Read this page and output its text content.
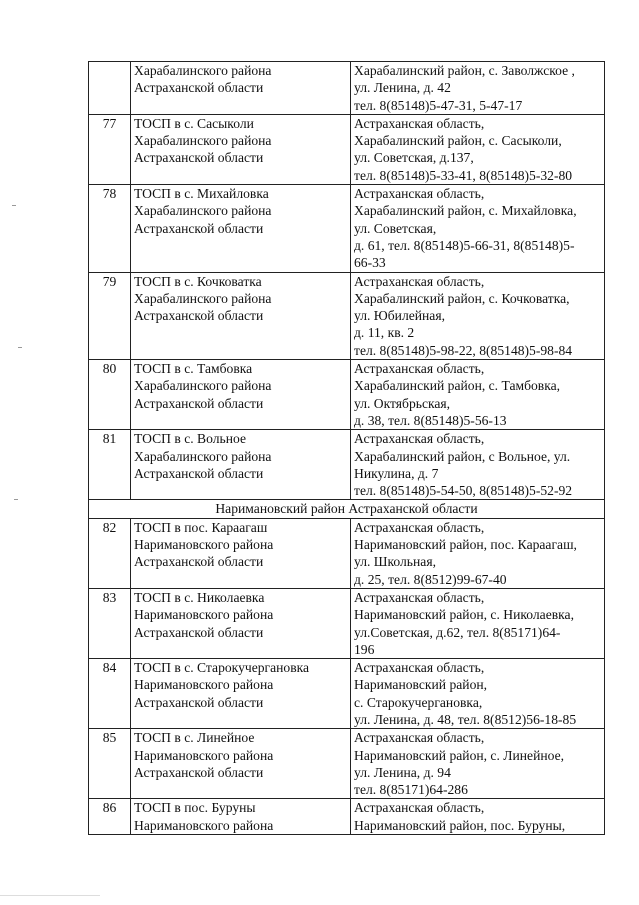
	Харабалинского района
Астраханской области	Харабалинский район, с. Заволжское ,
ул. Ленина, д. 42
тел. 8(85148)5-47-31, 5-47-17

77	ТОСП в с. Сасыколи
Харабалинского района
Астраханской области	Астраханская область,
Харабалинский район, с. Сасыколи,
ул. Советская, д.137,
тел. 8(85148)5-33-41, 8(85148)5-32-80

78	ТОСП в с. Михайловка
Харабалинского района
Астраханской области	Астраханская область,
Харабалинский район, с. Михайловка,
ул. Советская,
д. 61, тел. 8(85148)5-66-31, 8(85148)5-
66-33

79	ТОСП в с. Кочковатка
Харабалинского района
Астраханской области	Астраханская область,
Харабалинский район, с. Кочковатка,
ул. Юбилейная,
д. 11, кв. 2
тел. 8(85148)5-98-22, 8(85148)5-98-84

80	ТОСП в с. Тамбовка
Харабалинского района
Астраханской области	Астраханская область,
Харабалинский район, с. Тамбовка,
ул. Октябрьская,
д. 38, тел. 8(85148)5-56-13

81	ТОСП в с. Вольное
Харабалинского района
Астраханской области	Астраханская область,
Харабалинский район, с Вольное, ул.
Никулина, д. 7
тел. 8(85148)5-54-50, 8(85148)5-52-92

Наримановский район Астраханской области		
82	ТОСП в пос. Караагаш
Наримановского района
Астраханской области	Астраханская область,
Наримановский район, пос. Караагаш,
ул. Школьная,
д. 25, тел. 8(8512)99-67-40

83	ТОСП в с. Николаевка
Наримановского района
Астраханской области	Астраханская область,
Наримановский район, с. Николаевка,
ул.Советская, д.62, тел. 8(85171)64-
196

84	ТОСП в с. Старокучергановка
Наримановского района
Астраханской области	Астраханская область,
Наримановский район,
с. Старокучергановка,
ул. Ленина, д. 48, тел. 8(8512)56-18-85

85	ТОСП в с. Линейное
Наримановского района
Астраханской области	Астраханская область,
Наримановский район, с. Линейное,
ул. Ленина, д. 94
тел. 8(85171)64-286

86	ТОСП в пос. Буруны
Наримановского района	Астраханская область,
Наримановский район, пос. Буруны,
